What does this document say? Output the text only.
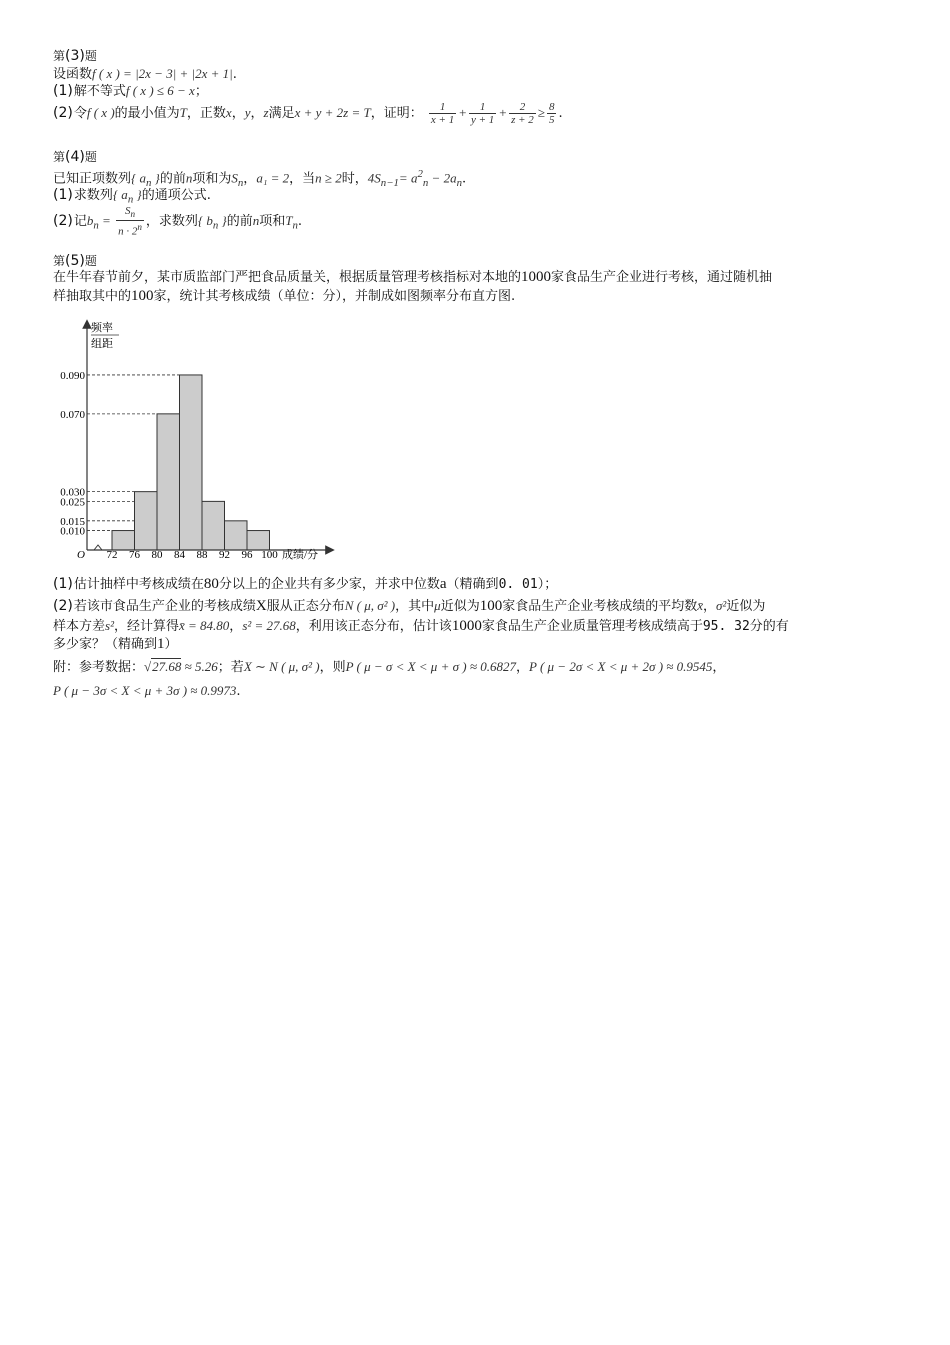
第(3)题
设函数f ( x ) = |2x − 3| + |2x + 1|.
(1)解不等式f ( x ) ≤ 6 − x；
(2)令f ( x )的最小值为T，正数x，y，z满足x + y + 2z = T，证明： $\frac{1}{x + 1} + \frac{1}{y + 1} + \frac{2}{z + 2} \ge \frac{8}{5}$ .
第(4)题
已知正项数列{ $a_n$ }的前n项和为$S_n$，a₁ = 2，当n ≥ 2时，$4S_{n-1}= a^2_n - 2a_n$.
(1)求数列{ $a_n$ }的通项公式.
(2)记$b_n = \frac{S_n}{n \cdot 2^n}$ ，求数列{ $b_n$ }的前n项和$T_n$.
第(5)题
在牛年春节前夕，某市质监部门严把食品质量关，根据质量管理考核指标对本地的1000家食品生产企业进行考核，通过随机抽
样抽取其中的100家，统计其考核成绩（单位：分），并制成如图频率分布直方图.
0.090
0.070
0.030
0.025
0.015
0.010
72 76 80 84 88 92 96 100
频率
组距
成绩/分
O
(1)估计抽样中考核成绩在80分以上的企业共有多少家，并求中位数a（精确到0. 01）；
(2)若该市食品生产企业的考核成绩X服从正态分布N ( μ, σ² )，其中μ近似为100家食品生产企业考核成绩的平均数x̄，σ²近似为
样本方差s²，经计算得x̄ = 84.80，s² = 27.68，利用该正态分布，估计该1000家食品生产企业质量管理考核成绩高于95. 32分的有
多少家？（精确到1）
附：参考数据：√27.68 ≈ 5.26；若X ∼ N ( μ, σ² )，则P ( μ − σ < X < μ + σ ) ≈ 0.6827，P ( μ − 2σ < X < μ + 2σ ) ≈ 0.9545，
P ( μ − 3σ < X < μ + 3σ ) ≈ 0.9973.
